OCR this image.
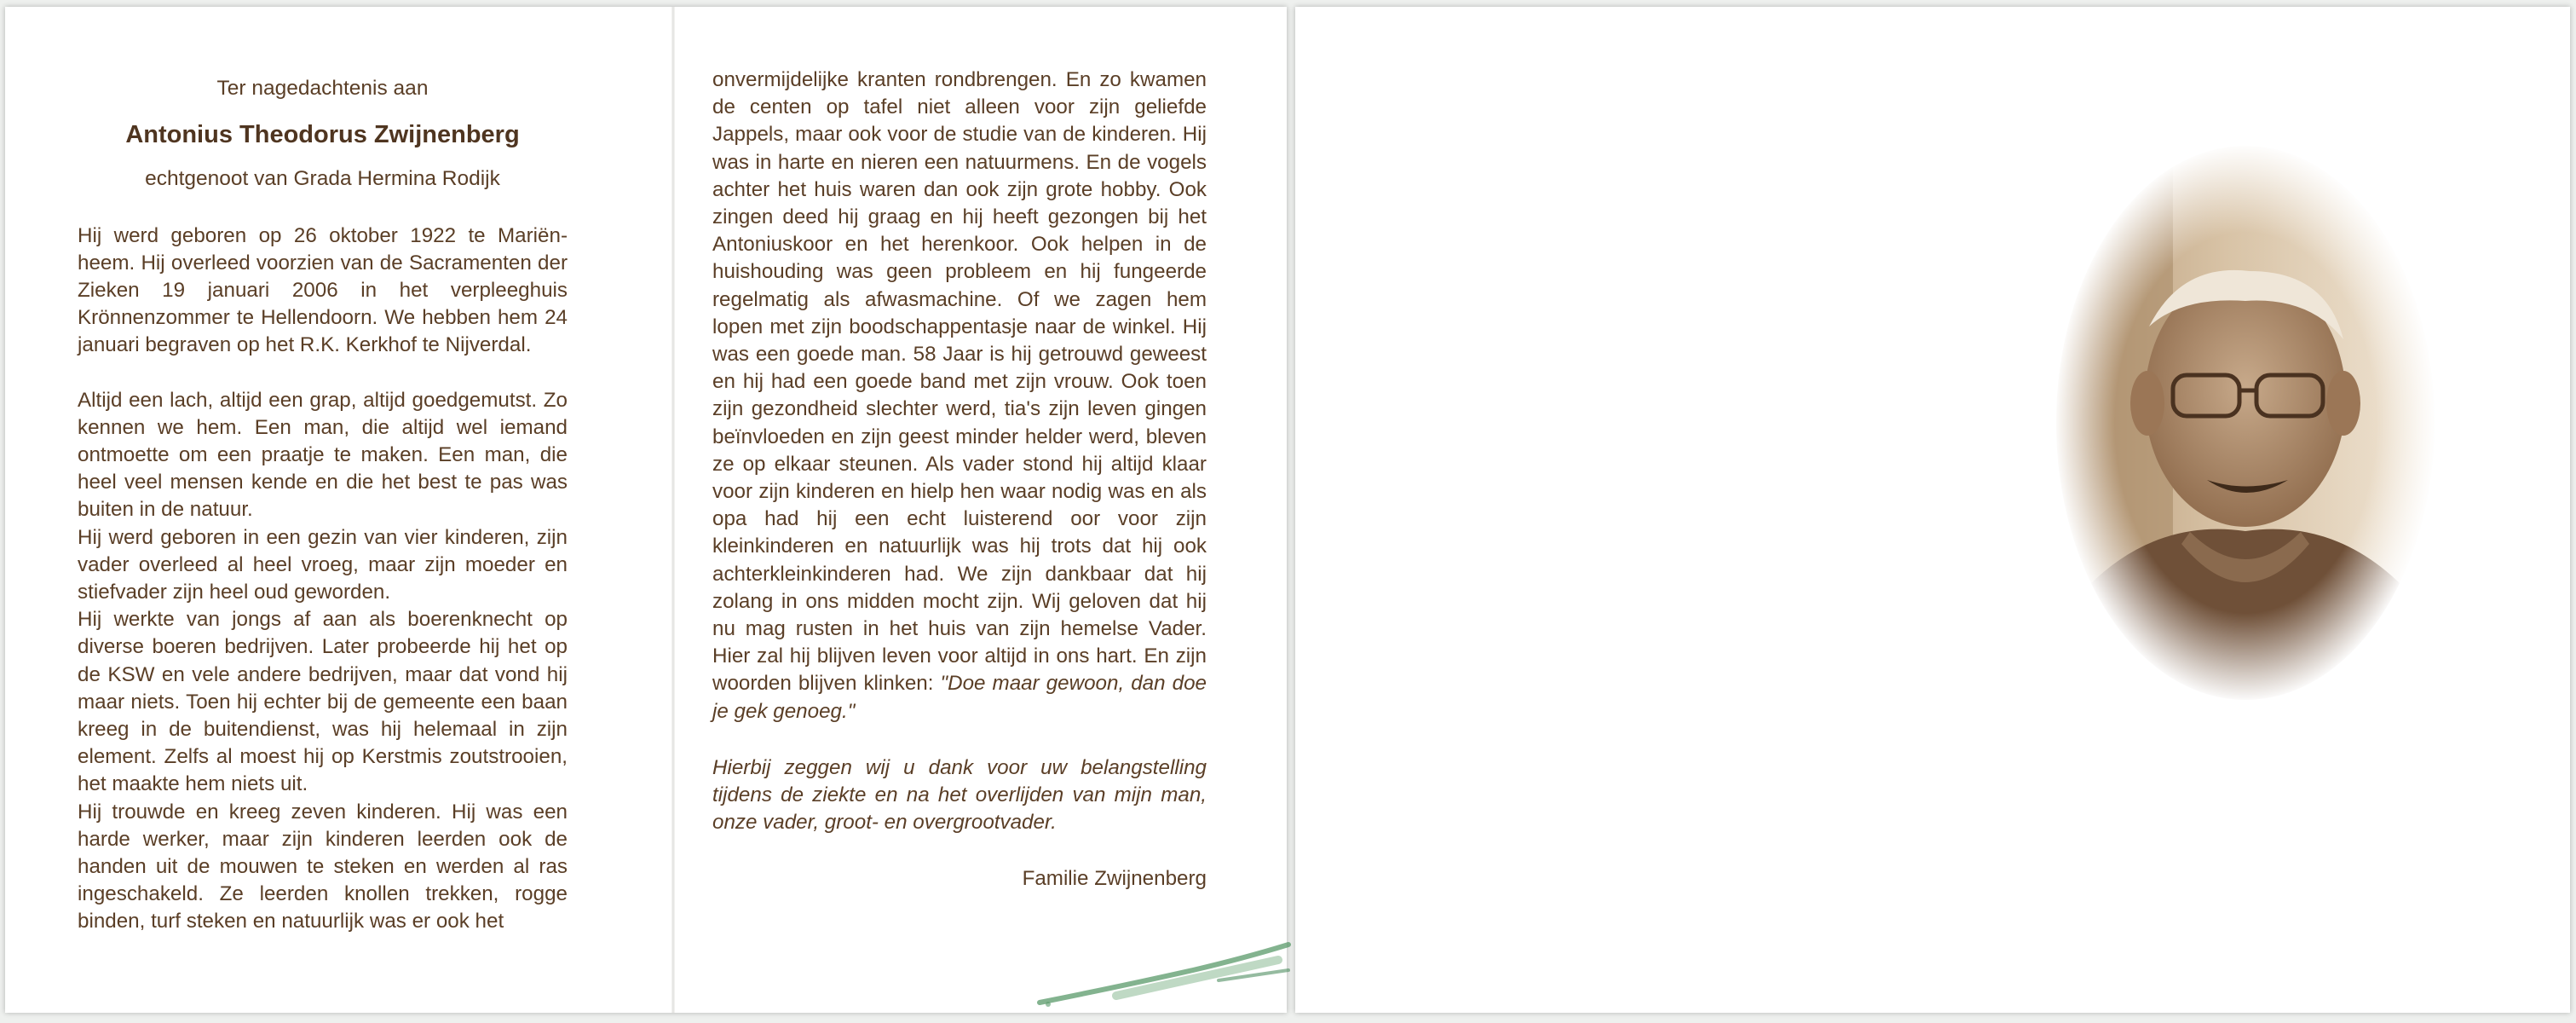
Ter nagedachtenis aan
Antonius Theodorus Zwijnenberg
echtgenoot van Grada Hermina Rodijk

Hij werd geboren op 26 oktober 1922 te Mariën-heem. Hij overleed voorzien van de Sacramenten der Zieken 19 januari 2006 in het verpleeghuis Krönnenzommer te Hellendoorn. We hebben hem 24 januari begraven op het R.K. Kerkhof te Nijverdal.

Altijd een lach, altijd een grap, altijd goedgemutst. Zo kennen we hem. Een man, die altijd wel iemand ontmoette om een praatje te maken. Een man, die heel veel mensen kende en die het best te pas was buiten in de natuur.

Hij werd geboren in een gezin van vier kinderen, zijn vader overleed al heel vroeg, maar zijn moeder en stiefvader zijn heel oud geworden.

Hij werkte van jongs af aan als boerenknecht op diverse boeren bedrijven. Later probeerde hij het op de KSW en vele andere bedrijven, maar dat vond hij maar niets. Toen hij echter bij de gemeente een baan kreeg in de buitendienst, was hij helemaal in zijn element. Zelfs al moest hij op Kerstmis zoutstrooien, het maakte hem niets uit.

Hij trouwde en kreeg zeven kinderen. Hij was een harde werker, maar zijn kinderen leerden ook de handen uit de mouwen te steken en werden al ras ingeschakeld. Ze leerden knollen trekken, rogge binden, turf steken en natuurlijk was er ook het

onvermijdelijke kranten rondbrengen. En zo kwamen de centen op tafel niet alleen voor zijn geliefde Jappels, maar ook voor de studie van de kinderen. Hij was in harte en nieren een natuurmens. En de vogels achter het huis waren dan ook zijn grote hobby. Ook zingen deed hij graag en hij heeft gezongen bij het Antoniuskoor en het herenkoor. Ook helpen in de huishouding was geen probleem en hij fungeerde regelmatig als afwasmachine. Of we zagen hem lopen met zijn boodschappentasje naar de winkel. Hij was een goede man. 58 Jaar is hij getrouwd geweest en hij had een goede band met zijn vrouw. Ook toen zijn gezondheid slechter werd, tia's zijn leven gingen beïnvloeden en zijn geest minder helder werd, bleven ze op elkaar steunen. Als vader stond hij altijd klaar voor zijn kinderen en hielp hen waar nodig was en als opa had hij een echt luisterend oor voor zijn kleinkinderen en natuurlijk was hij trots dat hij ook achterkleinkinderen had. We zijn dankbaar dat hij zolang in ons midden mocht zijn. Wij geloven dat hij nu mag rusten in het huis van zijn hemelse Vader. Hier zal hij blijven leven voor altijd in ons hart. En zijn woorden blijven klinken: "Doe maar gewoon, dan doe je gek genoeg."

Hierbij zeggen wij u dank voor uw belangstelling tijdens de ziekte en na het overlijden van mijn man, onze vader, groot- en overgrootvader.

Familie Zwijnenberg
